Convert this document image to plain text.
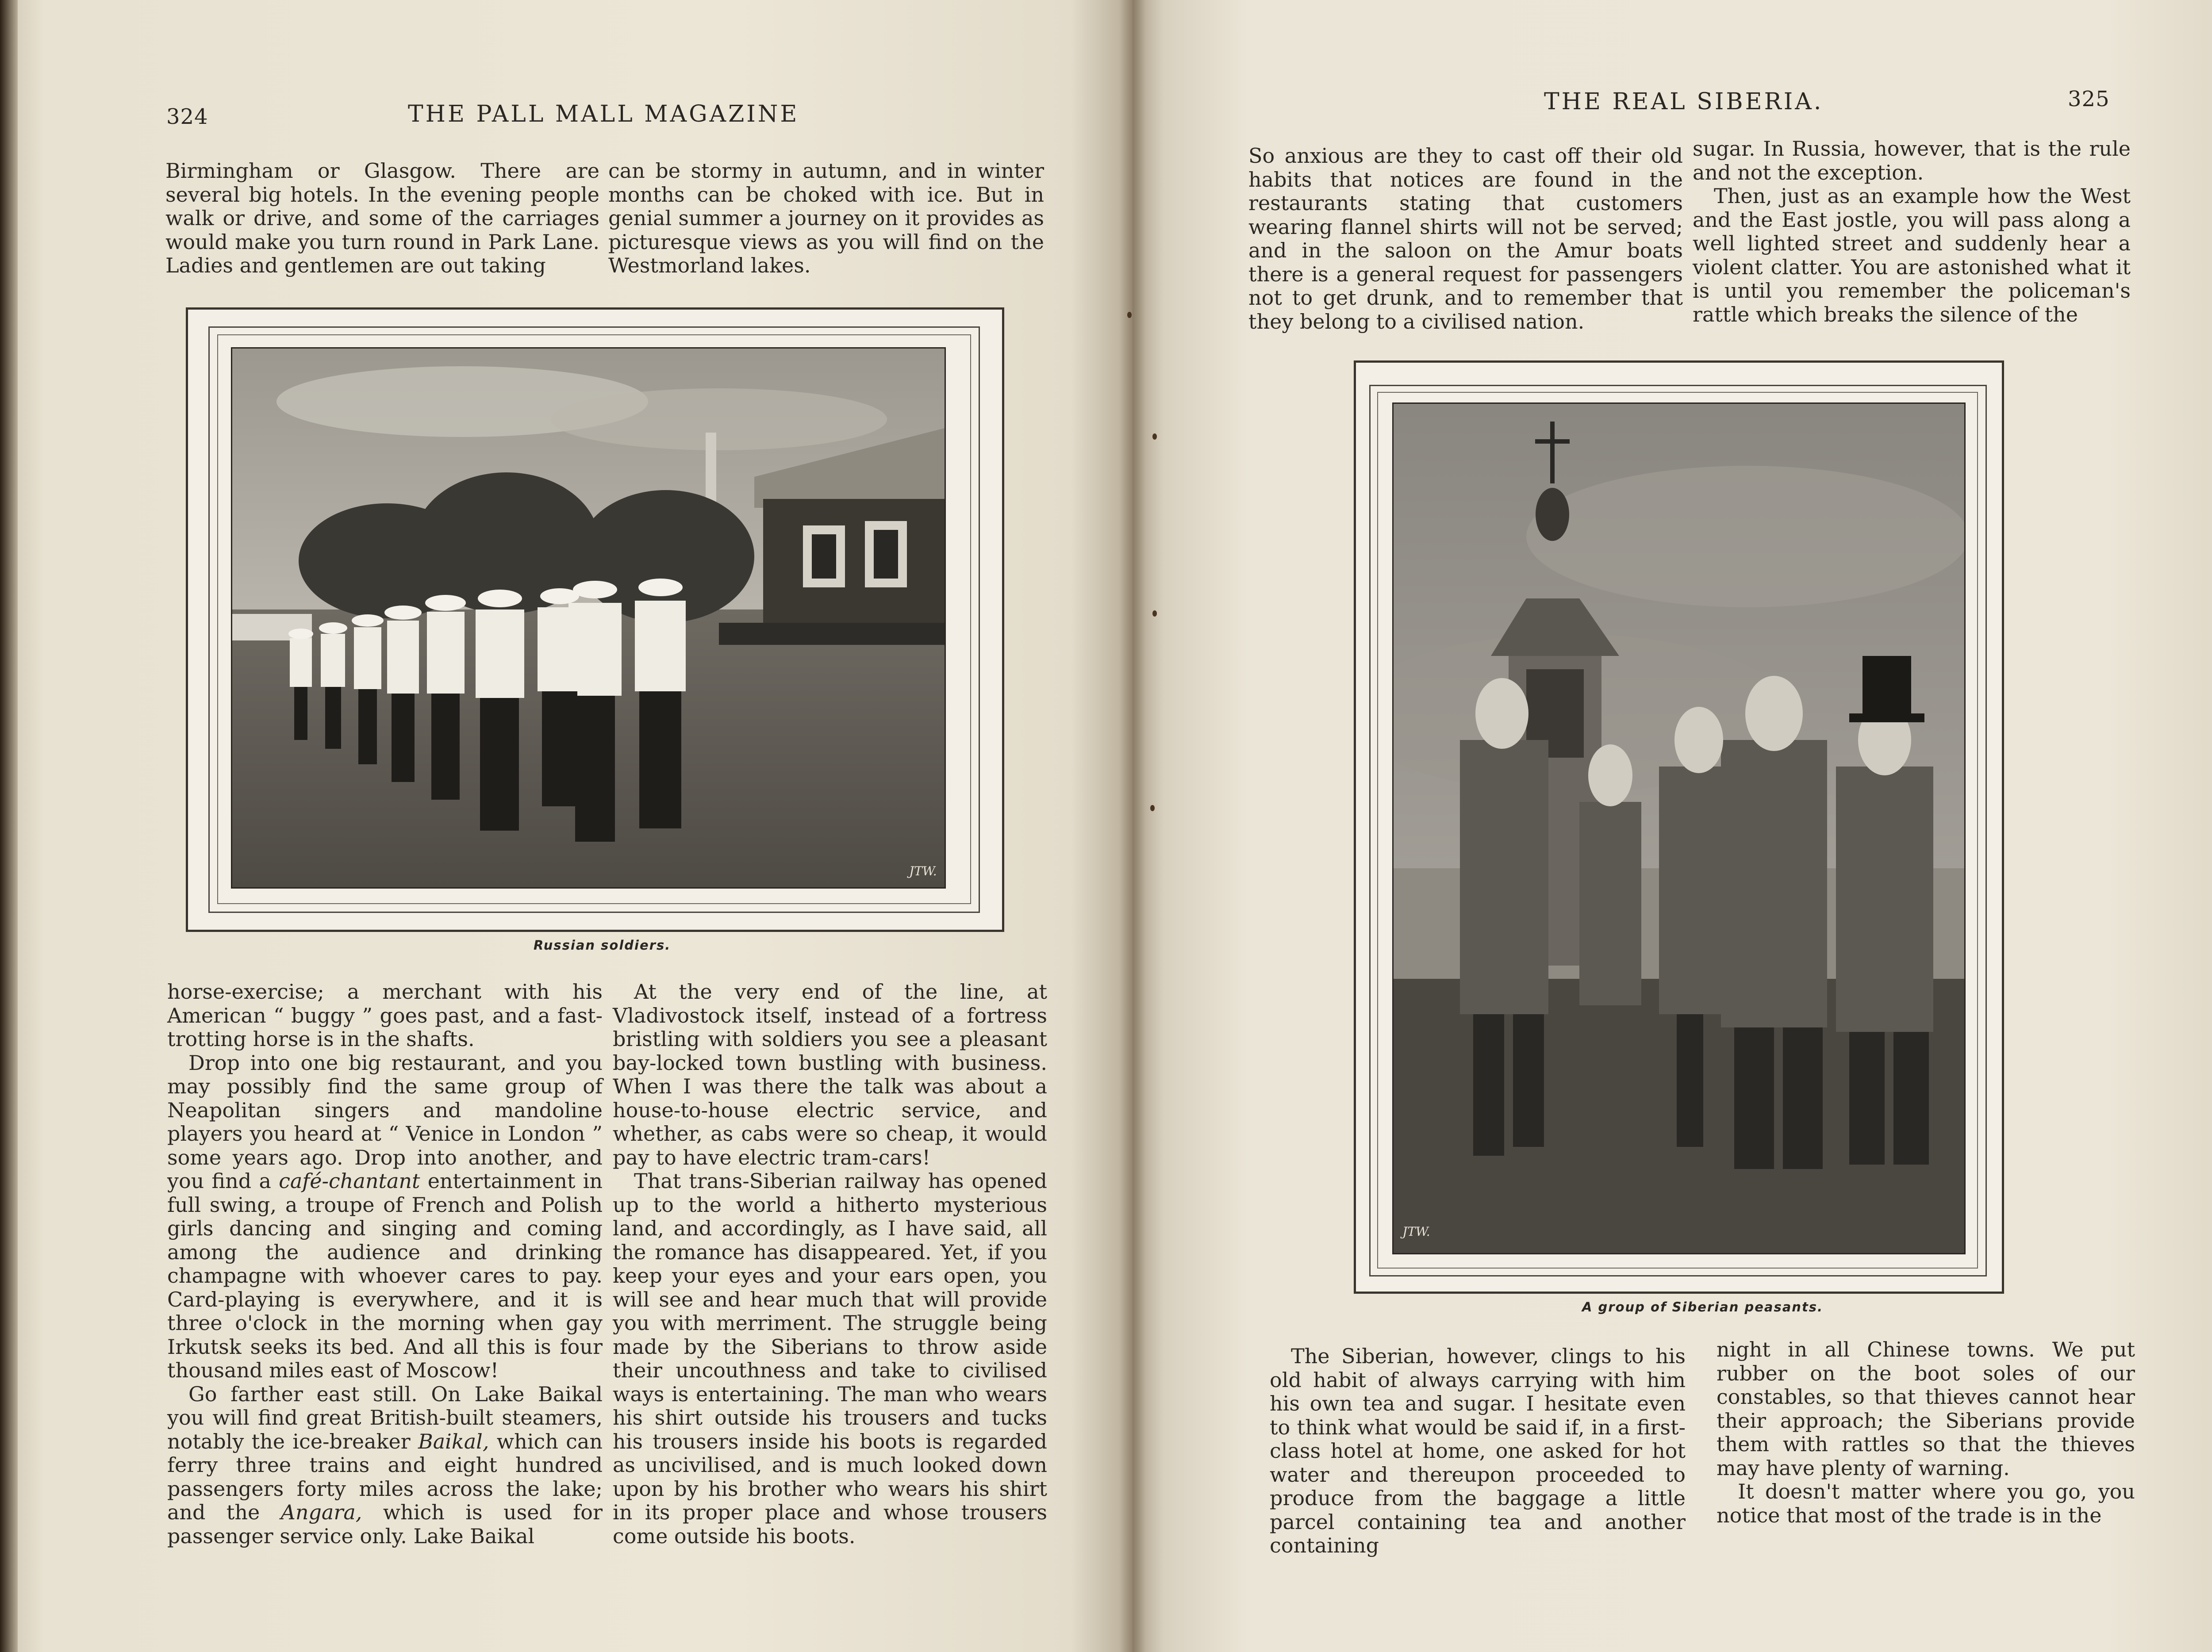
324	THE PALL MALL MAGAZINE

Birmingham or Glasgow. There are several big hotels. In the evening people walk or drive, and some of the carriages would make you turn round in Park Lane. Ladies and gentlemen are out taking

can be stormy in autumn, and in winter months can be choked with ice. But in genial summer a journey on it provides as picturesque views as you will find on the Westmorland lakes.

JTW.
Russian soldiers.

horse-exercise; a merchant with his American “ buggy ” goes past, and a fast-trotting horse is in the shafts.

Drop into one big restaurant, and you may possibly find the same group of Neapolitan singers and mandoline players you heard at “ Venice in London ” some years ago. Drop into another, and you find a café-chantant entertainment in full swing, a troupe of French and Polish girls dancing and singing and coming among the audience and drinking champagne with whoever cares to pay. Card-playing is everywhere, and it is three o'clock in the morning when gay Irkutsk seeks its bed. And all this is four thousand miles east of Moscow!

Go farther east still. On Lake Baikal you will find great British-built steamers, notably the ice-breaker Baikal, which can ferry three trains and eight hundred passengers forty miles across the lake; and the Angara, which is used for passenger service only. Lake Baikal

At the very end of the line, at Vladivostock itself, instead of a fortress bristling with soldiers you see a pleasant bay-locked town bustling with business. When I was there the talk was about a house-to-house electric service, and whether, as cabs were so cheap, it would pay to have electric tram-cars!

That trans-Siberian railway has opened up to the world a hitherto mysterious land, and accordingly, as I have said, all the romance has disappeared. Yet, if you keep your eyes and your ears open, you will see and hear much that will provide you with merriment. The struggle being made by the Siberians to throw aside their uncouthness and take to civilised ways is entertaining. The man who wears his shirt outside his trousers and tucks his trousers inside his boots is regarded as uncivilised, and is much looked down upon by his brother who wears his shirt in its proper place and whose trousers come outside his boots.

THE REAL SIBERIA.	325

So anxious are they to cast off their old habits that notices are found in the restaurants stating that customers wearing flannel shirts will not be served; and in the saloon on the Amur boats there is a general request for passengers not to get drunk, and to remember that they belong to a civilised nation.

sugar. In Russia, however, that is the rule and not the exception.

Then, just as an example how the West and the East jostle, you will pass along a well lighted street and suddenly hear a violent clatter. You are astonished what it is until you remember the policeman's rattle which breaks the silence of the

JTW.
A group of Siberian peasants.

The Siberian, however, clings to his old habit of always carrying with him his own tea and sugar. I hesitate even to think what would be said if, in a first-class hotel at home, one asked for hot water and thereupon proceeded to produce from the baggage a little parcel containing tea and another containing

night in all Chinese towns. We put rubber on the boot soles of our constables, so that thieves cannot hear their approach; the Siberians provide them with rattles so that the thieves may have plenty of warning.

It doesn't matter where you go, you notice that most of the trade is in the
